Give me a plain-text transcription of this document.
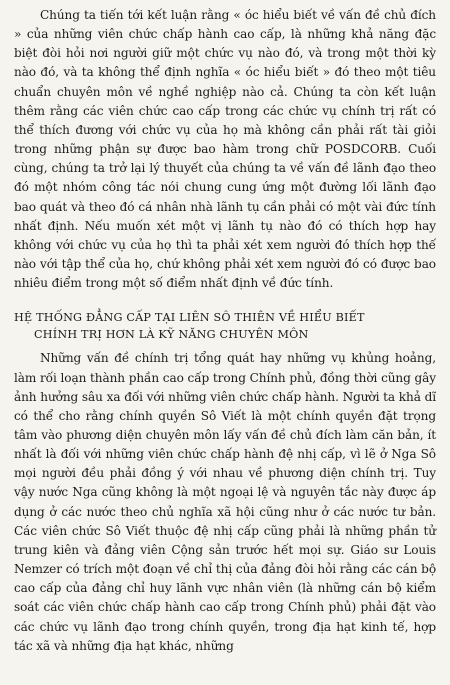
Chúng ta tiến tới kết luận rằng « óc hiểu biết về vấn đề chủ đích » của những viên chức chấp hành cao cấp, là những khả năng đặc biệt đòi hỏi nơi người giữ một chức vụ nào đó, và trong một thời kỳ nào đó, và ta không thể định nghĩa « óc hiểu biết » đó theo một tiêu chuẩn chuyên môn về nghề nghiệp nào cả. Chúng ta còn kết luận thêm rằng các viên chức cao cấp trong các chức vụ chính trị rất có thể thích đương với chức vụ của họ mà không cần phải rất tài giỏi trong những phận sự được bao hàm trong chữ POSDCORB. Cuối cùng, chúng ta trở lại lý thuyết của chúng ta về vấn đề lãnh đạo theo đó một nhóm công tác nói chung cung ứng một đường lối lãnh đạo bao quát và theo đó cá nhân nhà lãnh tụ cần phải có một vài đức tính nhất định. Nếu muốn xét một vị lãnh tụ nào đó có thích hợp hay không với chức vụ của họ thì ta phải xét xem người đó thích hợp thế nào với tập thể của họ, chứ không phải xét xem người đó có được bao nhiêu điểm trong một số điểm nhất định về đức tính.

HỆ THỐNG ĐẲNG CẤP TẠI LIÊN SÔ THIÊN VỀ HIỂU BIẾT
CHÍNH TRỊ HƠN LÀ KỸ NĂNG CHUYÊN MÔN

Những vấn đề chính trị tổng quát hay những vụ khủng hoảng, làm rối loạn thành phần cao cấp trong Chính phủ, đồng thời cũng gây ảnh hưởng sâu xa đối với những viên chức chấp hành. Người ta khả dĩ có thể cho rằng chính quyền Sô Viết là một chính quyền đặt trọng tâm vào phương diện chuyên môn lấy vấn đề chủ đích làm căn bản, ít nhất là đối với những viên chức chấp hành đệ nhị cấp, vì lẽ ở Nga Sô mọi người đều phải đồng ý với nhau về phương diện chính trị. Tuy vậy nước Nga cũng không là một ngoại lệ và nguyên tắc này được áp dụng ở các nước theo chủ nghĩa xã hội cũng như ở các nước tư bản. Các viên chức Sô Viết thuộc đệ nhị cấp cũng phải là những phần tử trung kiên và đảng viên Cộng sản trước hết mọi sự. Giáo sư Louis Nemzer có trích một đoạn về chỉ thị của đảng đòi hỏi rằng các cán bộ cao cấp của đảng chỉ huy lãnh vực nhân viên (là những cán bộ kiểm soát các viên chức chấp hành cao cấp trong Chính phủ) phải đặt vào các chức vụ lãnh đạo trong chính quyền, trong địa hạt kinh tế, hợp tác xã và những địa hạt khác, những
